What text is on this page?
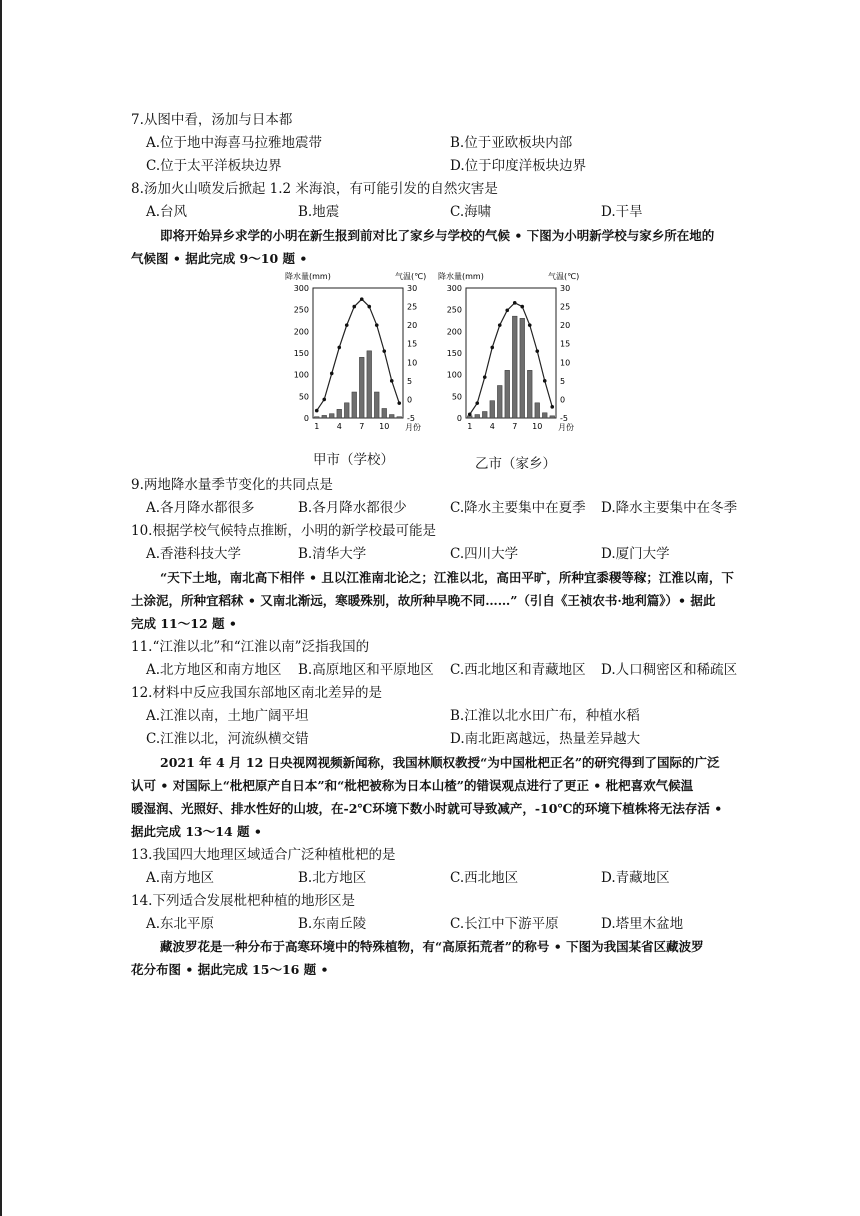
7.从图中看，汤加与日本都
A.位于地中海喜马拉雅地震带	B.位于亚欧板块内部
C.位于太平洋板块边界	D.位于印度洋板块边界
8.汤加火山喷发后掀起 1.2 米海浪，有可能引发的自然灾害是
A.台风	B.地震	C.海啸	D.干旱
即将开始异乡求学的小明在新生报到前对比了家乡与学校的气候 • 下图为小明新学校与家乡所在地的
气候图 • 据此完成 9～10 题 •
降水量(mm)	气温(℃)
300
250
200
150
100
50
0
30
25
20
15
10
5
0
-5
1 4 7 10 月份
降水量(mm)	气温(℃)
300
250
200
150
100
50
0
30
25
20
15
10
5
0
-5
1 4 7 10 月份
甲市（学校）	乙市（家乡）
9.两地降水量季节变化的共同点是
A.各月降水都很多	B.各月降水都很少	C.降水主要集中在夏季 D.降水主要集中在冬季
10.根据学校气候特点推断，小明的新学校最可能是
A.香港科技大学	B.清华大学	C.四川大学	D.厦门大学
“天下土地，南北高下相伴 • 且以江淮南北论之；江淮以北，高田平旷，所种宜黍稷等稼；江淮以南，下
土涂泥，所种宜稻秫 • 又南北渐远，寒暖殊别，故所种早晚不同……”（引自《王祯农书·地利篇》）• 据此
完成 11～12 题 •
11.“江淮以北”和“江淮以南”泛指我国的
A.北方地区和南方地区 B.高原地区和平原地区 C.西北地区和青藏地区 D.人口稠密区和稀疏区
12.材料中反应我国东部地区南北差异的是
A.江淮以南，土地广阔平坦	B.江淮以北水田广布，种植水稻
C.江淮以北，河流纵横交错	D.南北距离越远，热量差异越大
2021 年 4 月 12 日央视网视频新闻称，我国林顺权教授“为中国枇杷正名”的研究得到了国际的广泛
认可 • 对国际上“枇杷原产自日本”和“枇杷被称为日本山楂”的错误观点进行了更正 • 枇杷喜欢气候温
暖湿润、光照好、排水性好的山坡，在-2℃环境下数小时就可导致减产，-10℃的环境下植株将无法存活 •
据此完成 13～14 题 •
13.我国四大地理区域适合广泛种植枇杷的是
A.南方地区	B.北方地区	C.西北地区	D.青藏地区
14.下列适合发展枇杷种植的地形区是
A.东北平原	B.东南丘陵	C.长江中下游平原	D.塔里木盆地
藏波罗花是一种分布于高寒环境中的特殊植物，有“高原拓荒者”的称号 • 下图为我国某省区藏波罗
花分布图 • 据此完成 15～16 题 •
